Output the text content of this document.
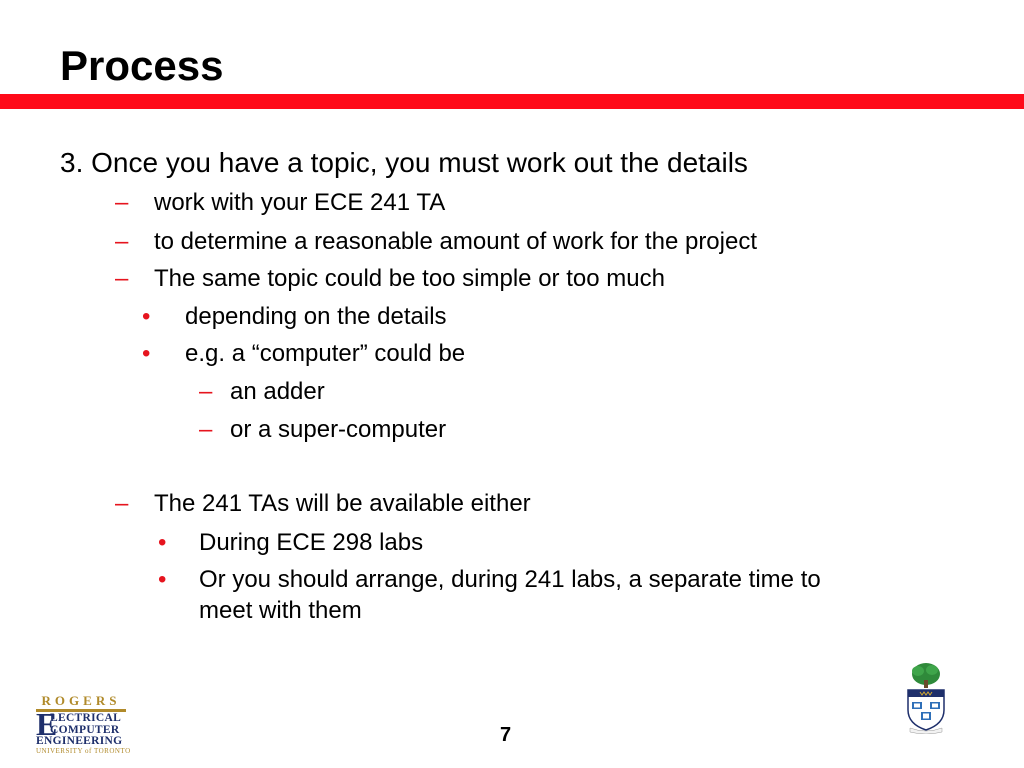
Process
3. Once you have a topic, you must work out the details
– work with your ECE 241 TA
– to determine a reasonable amount of work for the project
– The same topic could be too simple or too much
• depending on the details
• e.g. a “computer” could be
– an adder
– or a super-computer
– The 241 TAs will be available either
• During ECE 298 labs
• Or you should arrange, during 241 labs, a separate time to
meet with them
7
ROGERS
E
LECTRICAL
COMPUTER
ENGINEERING
UNIVERSITY of TORONTO
